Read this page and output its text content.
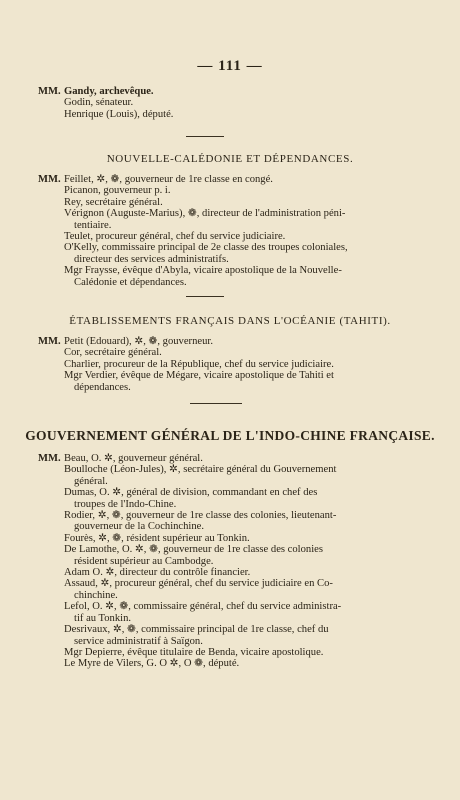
— 111 —
MM. Gandy, archevêque.
Godin, sénateur.
Henrique (Louis), député.
NOUVELLE-CALÉDONIE ET DÉPENDANCES.
MM. Feillet, ✲, ❁, gouverneur de 1re classe en congé.
Picanon, gouverneur p. i.
Rey, secrétaire général.
Vérignon (Auguste-Marius), ❁, directeur de l'administration péni-
tentiaire.
Teulet, procureur général, chef du service judiciaire.
O'Kelly, commissaire principal de 2e classe des troupes coloniales,
directeur des services administratifs.
Mgr Fraysse, évêque d'Abyla, vicaire apostolique de la Nouvelle-
Calédonie et dépendances.
ÉTABLISSEMENTS FRANÇAIS DANS L'OCÉANIE (TAHITI).
MM. Petit (Edouard), ✲, ❁, gouverneur.
Cor, secrétaire général.
Charlier, procureur de la République, chef du service judiciaire.
Mgr Verdier, évêque de Mégare, vicaire apostolique de Tahiti et
dépendances.
GOUVERNEMENT GÉNÉRAL DE L'INDO-CHINE FRANÇAISE.
MM. Beau, O. ✲, gouverneur général.
Boulloche (Léon-Jules), ✲, secrétaire général du Gouvernement
général.
Dumas, O. ✲, général de division, commandant en chef des
troupes de l'Indo-Chine.
Rodier, ✲, ❁, gouverneur de 1re classe des colonies, lieutenant-
gouverneur de la Cochinchine.
Fourès, ✲, ❁, résident supérieur au Tonkin.
De Lamothe, O. ✲, ❁, gouverneur de 1re classe des colonies
résident supérieur au Cambodge.
Adam O. ✲, directeur du contrôle financier.
Assaud, ✲, procureur général, chef du service judiciaire en Co-
chinchine.
Lefol, O. ✲, ❁, commissaire général, chef du service administra-
tif au Tonkin.
Desrivaux, ✲, ❁, commissaire principal de 1re classe, chef du
service administratif à Saïgon.
Mgr Depierre, évêque titulaire de Benda, vicaire apostolique.
Le Myre de Vilers, G. O ✲, O ❁, député.
